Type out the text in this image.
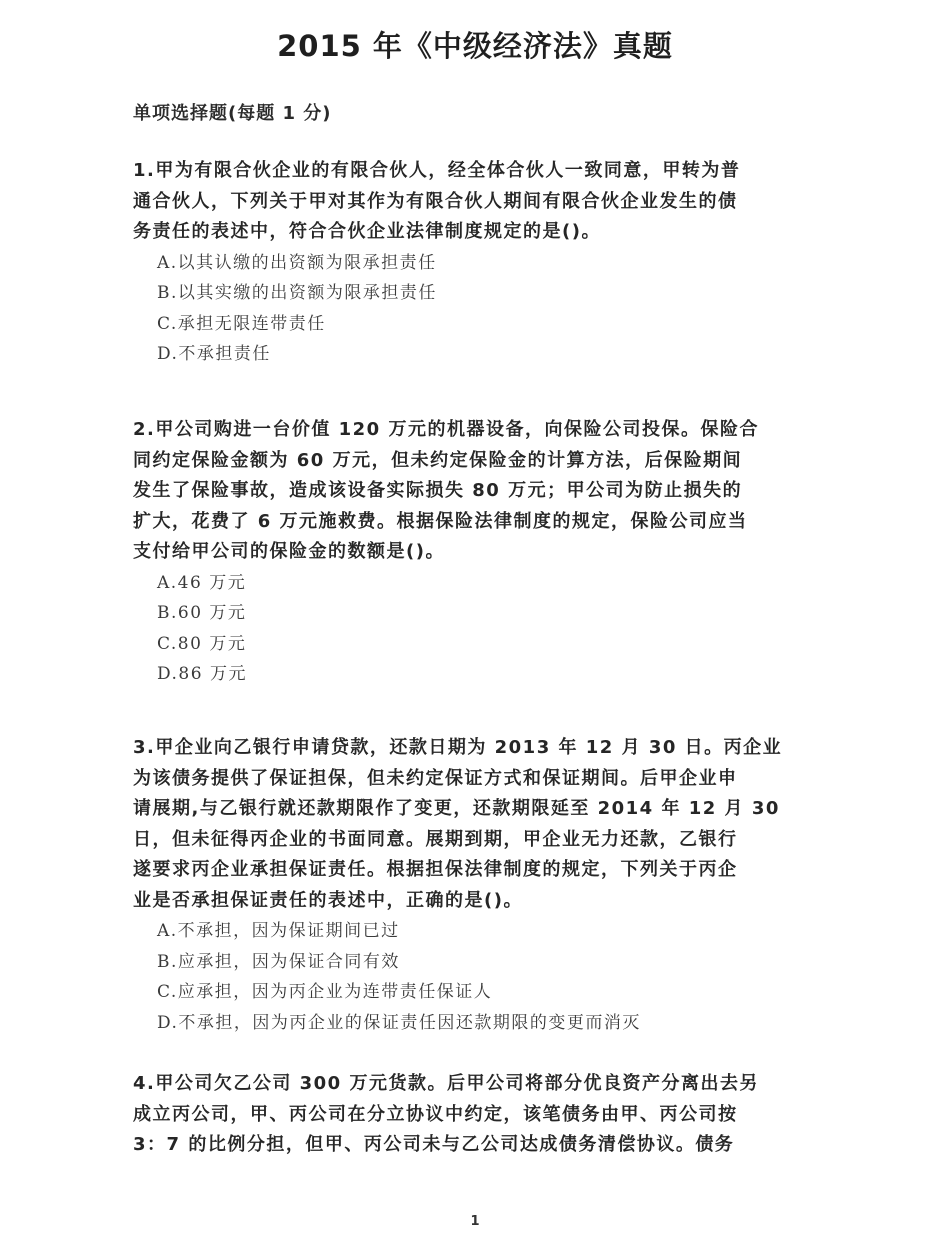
2015 年《中级经济法》真题
单项选择题(每题 1 分)
1.甲为有限合伙企业的有限合伙人，经全体合伙人一致同意，甲转为普
通合伙人，下列关于甲对其作为有限合伙人期间有限合伙企业发生的债
务责任的表述中，符合合伙企业法律制度规定的是()。
A.以其认缴的出资额为限承担责任
B.以其实缴的出资额为限承担责任
C.承担无限连带责任
D.不承担责任
2.甲公司购进一台价值 120 万元的机器设备，向保险公司投保。保险合
同约定保险金额为 60 万元，但未约定保险金的计算方法，后保险期间
发生了保险事故，造成该设备实际损失 80 万元；甲公司为防止损失的
扩大，花费了 6 万元施救费。根据保险法律制度的规定，保险公司应当
支付给甲公司的保险金的数额是()。
A.46 万元
B.60 万元
C.80 万元
D.86 万元
3.甲企业向乙银行申请贷款，还款日期为 2013 年 12 月 30 日。丙企业
为该债务提供了保证担保，但未约定保证方式和保证期间。后甲企业申
请展期,与乙银行就还款期限作了变更，还款期限延至 2014 年 12 月 30
日，但未征得丙企业的书面同意。展期到期，甲企业无力还款，乙银行
遂要求丙企业承担保证责任。根据担保法律制度的规定，下列关于丙企
业是否承担保证责任的表述中，正确的是()。
A.不承担，因为保证期间已过
B.应承担，因为保证合同有效
C.应承担，因为丙企业为连带责任保证人
D.不承担，因为丙企业的保证责任因还款期限的变更而消灭
4.甲公司欠乙公司 300 万元货款。后甲公司将部分优良资产分离出去另
成立丙公司，甲、丙公司在分立协议中约定，该笔债务由甲、丙公司按
3：7 的比例分担，但甲、丙公司未与乙公司达成债务清偿协议。债务
1
